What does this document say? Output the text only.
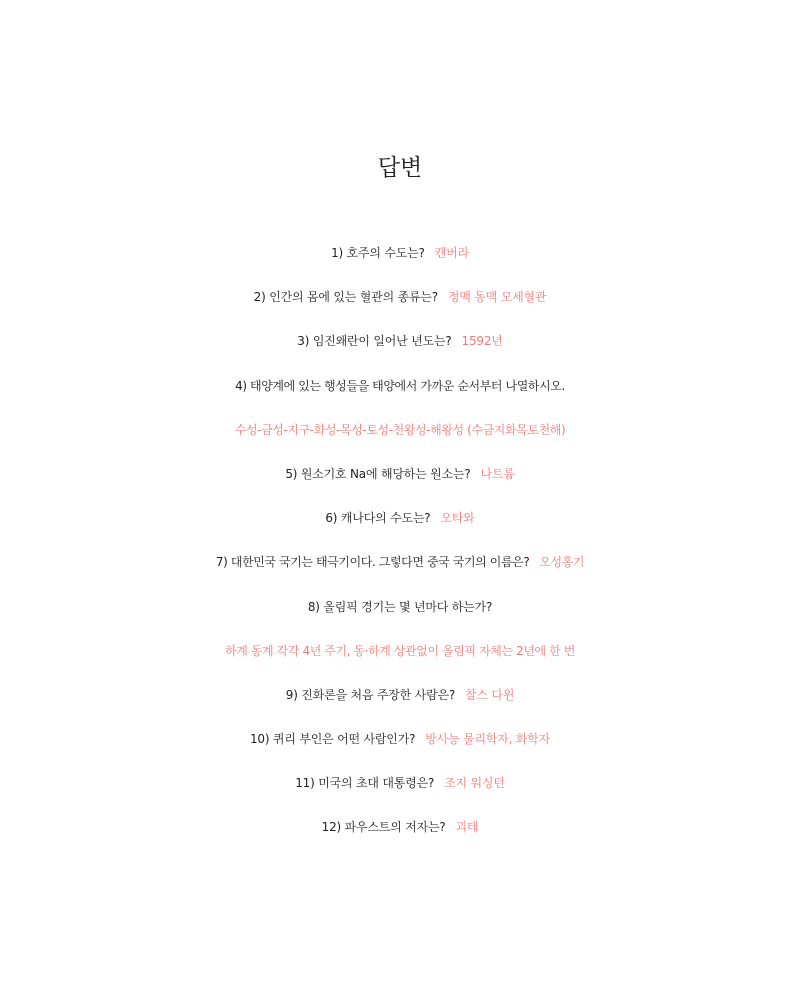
답변
1) 호주의 수도는? 캔버라
2) 인간의 몸에 있는 혈관의 종류는? 정맥 동맥 모세혈관
3) 임진왜란이 일어난 년도는? 1592년
4) 태양계에 있는 행성들을 태양에서 가까운 순서부터 나열하시오.
수성-금성-지구-화성-목성-토성-천왕성-해왕성 (수금지화목토천해)
5) 원소기호 Na에 해당하는 원소는? 나트륨
6) 캐나다의 수도는? 오타와
7) 대한민국 국기는 태극기이다. 그렇다면 중국 국기의 이름은? 오성홍기
8) 올림픽 경기는 몇 년마다 하는가?
하계 동계 각각 4년 주기, 동·하계 상관없이 올림픽 자체는 2년에 한 번
9) 진화론을 처음 주장한 사람은? 찰스 다윈
10) 퀴리 부인은 어떤 사람인가? 방사능 물리학자, 화학자
11) 미국의 초대 대통령은? 조지 워싱턴
12) 파우스트의 저자는? 괴테
